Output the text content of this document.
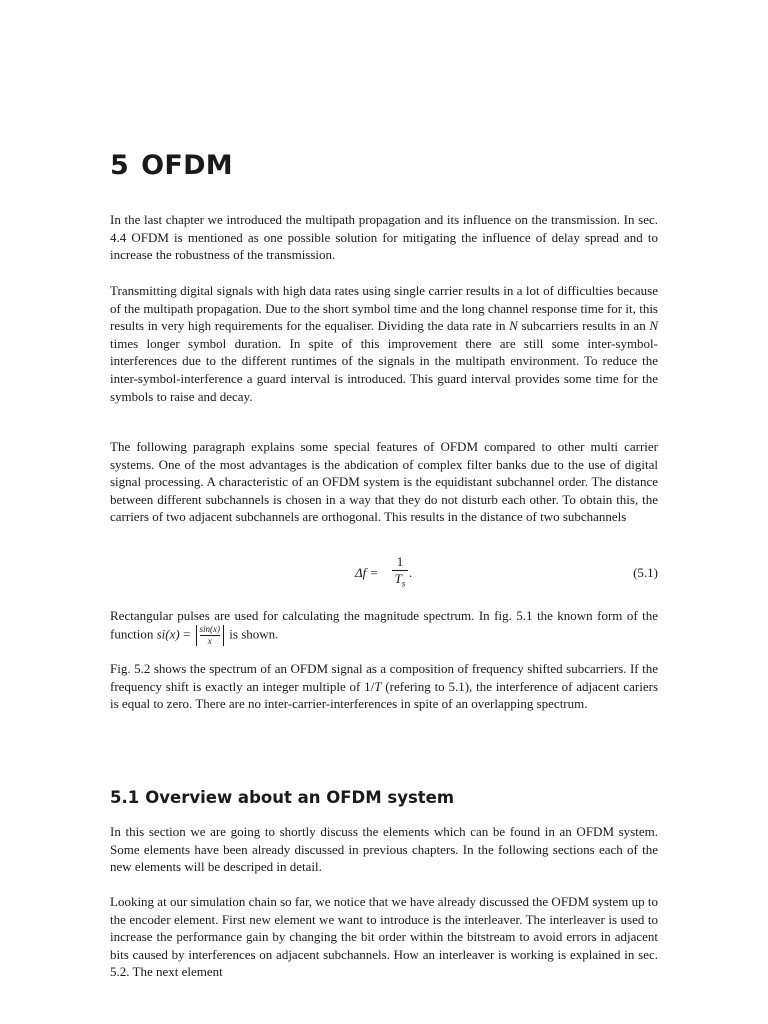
5 OFDM

In the last chapter we introduced the multipath propagation and its influence on the transmission. In sec. 4.4 OFDM is mentioned as one possible solution for mitigating the influence of delay spread and to increase the robustness of the transmission.

Transmitting digital signals with high data rates using single carrier results in a lot of difficulties because of the multipath propagation. Due to the short symbol time and the long channel response time for it, this results in very high requirements for the equaliser. Dividing the data rate in N subcarriers results in an N times longer symbol duration. In spite of this improvement there are still some inter-symbol-interferences due to the different runtimes of the signals in the multipath environment. To reduce the inter-symbol-interference a guard interval is introduced. This guard interval provides some time for the symbols to raise and decay.

The following paragraph explains some special features of OFDM compared to other multi carrier systems. One of the most advantages is the abdication of complex filter banks due to the use of digital signal processing. A characteristic of an OFDM system is the equidistant subchannel order. The distance between different subchannels is chosen in a way that they do not disturb each other. To obtain this, the carriers of two adjacent subchannels are orthogonal. This results in the distance of two subchannels

Δf =
1
$T_s$
.	(5.1)

Rectangular pulses are used for calculating the magnitude spectrum. In fig. 5.1 the known form of the function $si(x) = \frac{\sin(x)}{x}$ is shown.

Fig. 5.2 shows the spectrum of an OFDM signal as a composition of frequency shifted subcarriers. If the frequency shift is exactly an integer multiple of 1/T (refering to 5.1), the interference of adjacent cariers is equal to zero. There are no inter-carrier-interferences in spite of an overlapping spectrum.

5.1 Overview about an OFDM system

In this section we are going to shortly discuss the elements which can be found in an OFDM system. Some elements have been already discussed in previous chapters. In the following sections each of the new elements will be descriped in detail.

Looking at our simulation chain so far, we notice that we have already discussed the OFDM system up to the encoder element. First new element we want to introduce is the interleaver. The interleaver is used to increase the performance gain by changing the bit order within the bitstream to avoid errors in adjacent bits caused by interferences on adjacent subchannels. How an interleaver is working is explained in sec. 5.2. The next element
